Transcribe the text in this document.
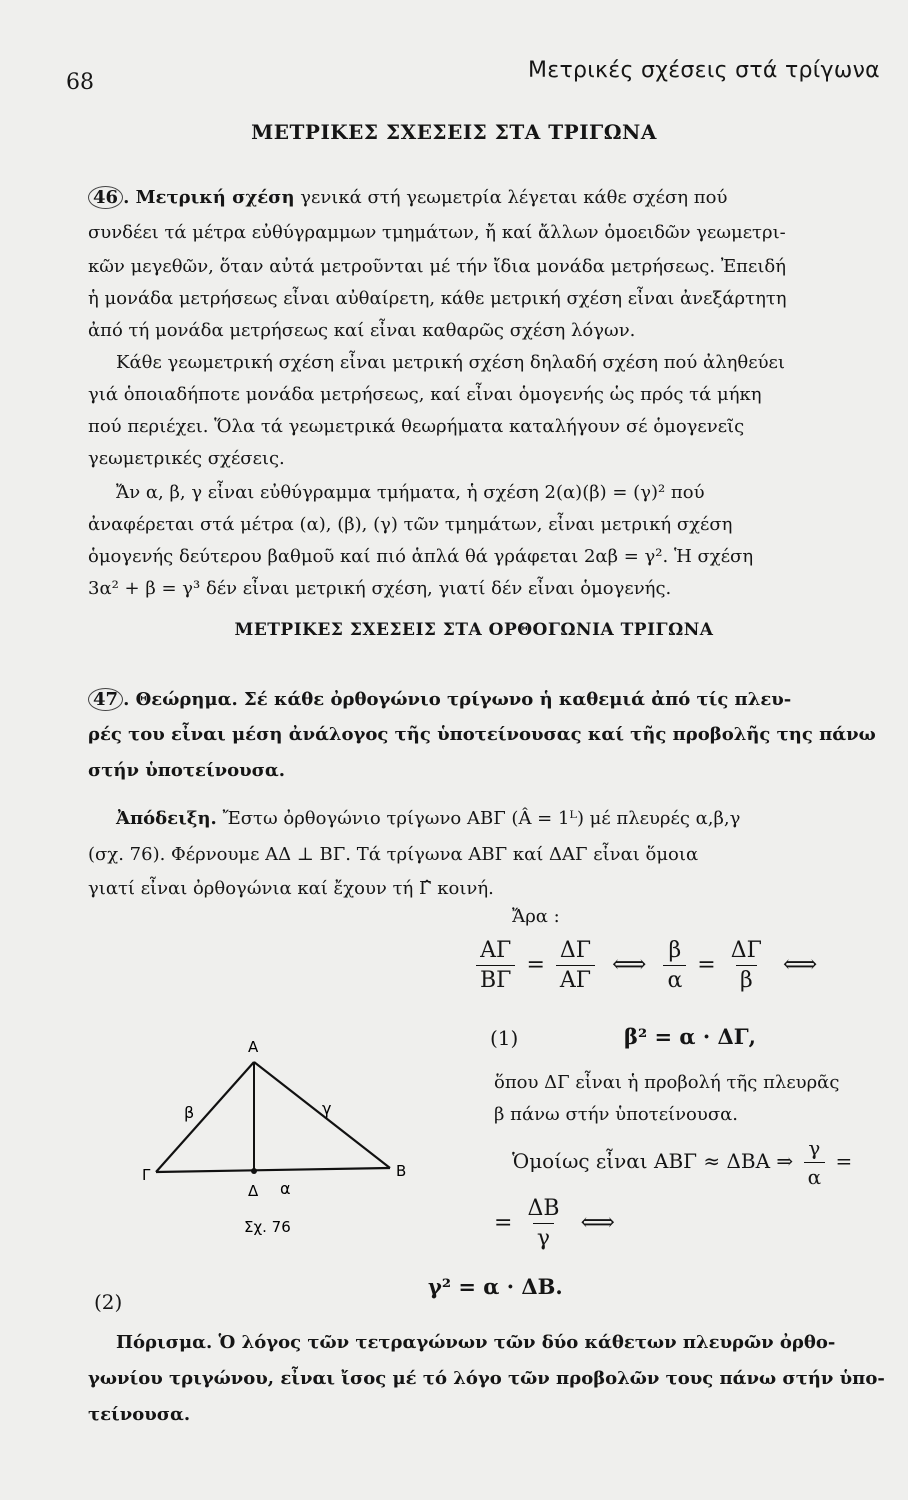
68	Μετρικές σχέσεις στά τρίγωνα
ΜΕΤΡΙΚΕΣ ΣΧΕΣΕΙΣ ΣΤΑ ΤΡΙΓΩΝΑ
46 . Μετρική σχέση γενικά στή γεωμετρία λέγεται κάθε σχέση πού
συνδέει τά μέτρα εὐθύγραμμων τμημάτων, ἤ καί ἄλλων ὁμοειδῶν γεωμετρι-
κῶν μεγεθῶν, ὅταν αὐτά μετροῦνται μέ τήν ἴδια μονάδα μετρήσεως. Ἐπειδή
ἡ μονάδα μετρήσεως εἶναι αὐθαίρετη, κάθε μετρική σχέση εἶναι ἀνεξάρτητη
ἀπό τή μονάδα μετρήσεως καί εἶναι καθαρῶς σχέση λόγων.
Κάθε γεωμετρική σχέση εἶναι μετρική σχέση δηλαδή σχέση πού ἀληθεύει
γιά ὁποιαδήποτε μονάδα μετρήσεως, καί εἶναι ὁμογενής ὡς πρός τά μήκη
πού περιέχει. Ὅλα τά γεωμετρικά θεωρήματα καταλήγουν σέ ὁμογενεῖς
γεωμετρικές σχέσεις.
Ἄν α, β, γ εἶναι εὐθύγραμμα τμήματα, ἡ σχέση 2(α)(β) = (γ)² πού
ἀναφέρεται στά μέτρα (α), (β), (γ) τῶν τμημάτων, εἶναι μετρική σχέση
ὁμογενής δεύτερου βαθμοῦ καί πιό ἁπλά θά γράφεται 2αβ = γ². Ἡ σχέση
3α² + β = γ³ δέν εἶναι μετρική σχέση, γιατί δέν εἶναι ὁμογενής.
ΜΕΤΡΙΚΕΣ ΣΧΕΣΕΙΣ ΣΤΑ ΟΡΘΟΓΩΝΙΑ ΤΡΙΓΩΝΑ
47 . Θεώρημα. Σέ κάθε ὀρθογώνιο τρίγωνο ἡ καθεμιά ἀπό τίς πλευ-
ρές του εἶναι μέση ἀνάλογος τῆς ὑποτείνουσας καί τῆς προβολῆς της πάνω
στήν ὑποτείνουσα.
Ἀπόδειξη. Ἔστω ὀρθογώνιο τρίγωνο ΑΒΓ (Â = 1ᴸ) μέ πλευρές α,β,γ
(σχ. 76). Φέρνουμε ΑΔ ⊥ ΒΓ. Τά τρίγωνα ΑΒΓ καί ΔΑΓ εἶναι ὅμοια
γιατί εἶναι ὀρθογώνια καί ἔχουν τή Γ̂ κοινή.
Ἄρα :
$\frac{A\Gamma}{B\Gamma} = \frac{\Delta\Gamma}{A\Gamma}$ ⟺ $\frac{\beta}{\alpha} = \frac{\Delta\Gamma}{\beta}$ ⟺
(1)	β² = α · ΔΓ,
ὅπου ΔΓ εἶναι ἡ προβολή τῆς πλευρᾶς
β πάνω στήν ὑποτείνουσα.
Ὁμοίως εἶναι ΑΒΓ ≈ ΔΒΑ ⇒ $\frac{\gamma}{\alpha}$ =
= $\frac{\Delta B}{\gamma}$ ⟺
(2)
γ² = α · ΔΒ.
Πόρισμα. Ὁ λόγος τῶν τετραγώνων τῶν δύο κάθετων πλευρῶν ὀρθο-
γωνίου τριγώνου, εἶναι ἴσος μέ τό λόγο τῶν προβολῶν τους πάνω στήν ὑπο-
τείνουσα.
Α
Β
Γ
Δ
β	γ
α
Σχ. 76
